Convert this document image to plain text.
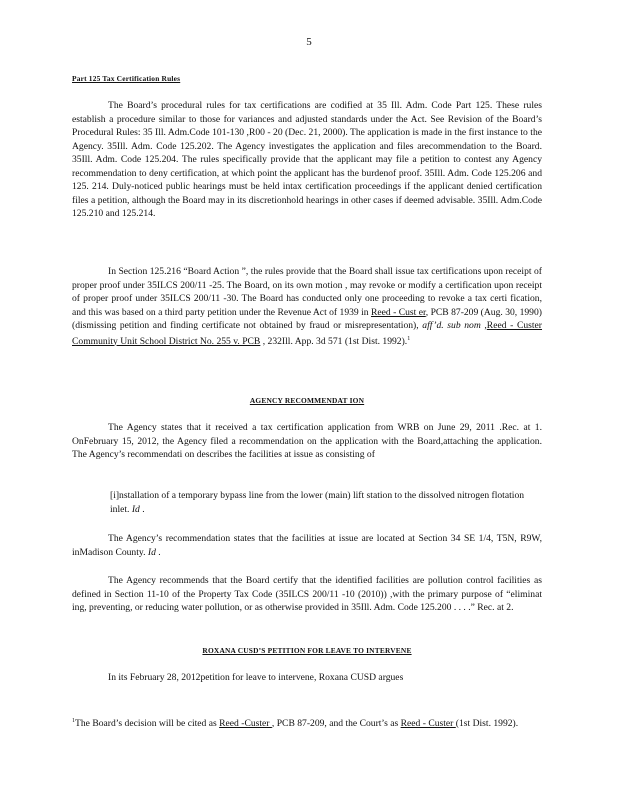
5

Part 125 Tax Certification Rules

The Board’s procedural rules for tax certifications are codified at 35 Ill. Adm. Code Part 125. These rules establish a procedure similar to those for variances and adjusted standards under the Act. See Revision of the Board’s Procedural Rules: 35 Ill. Adm.Code 101-130 ,R00 - 20 (Dec. 21, 2000). The application is made in the first instance to the Agency. 35Ill. Adm. Code 125.202. The Agency investigates the application and files arecommendation to the Board. 35Ill. Adm. Code 125.204. The rules specifically provide that the applicant may file a petition to contest any Agency recommendation to deny certification, at which point the applicant has the burdenof proof. 35Ill. Adm. Code 125.206 and 125. 214. Duly-noticed public hearings must be held intax certification proceedings if the applicant denied certification files a petition, although the Board may in its discretionhold hearings in other cases if deemed advisable. 35Ill. Adm.Code 125.210 and 125.214.

In Section 125.216 “Board Action ”, the rules provide that the Board shall issue tax certifications upon receipt of proper proof under 35ILCS 200/11 -25. The Board, on its own motion , may revoke or modify a certification upon receipt of proper proof under 35ILCS 200/11 -30. The Board has conducted only one proceeding to revoke a tax certi fication, and this was based on a third party petition under the Revenue Act of 1939 in Reed - Cust er, PCB 87-209 (Aug. 30, 1990) (dismissing petition and finding certificate not obtained by fraud or misrepresentation), aff’d. sub nom ,Reed - Custer Community Unit School District No. 255 v. PCB , 232Ill. App. 3d 571 (1st Dist. 1992).$^1$

AGENCY RECOMMENDAT ION

The Agency states that it received a tax certification application from WRB on June 29, 2011 .Rec. at 1. OnFebruary 15, 2012, the Agency filed a recommendation on the application with the Board,attaching the application. The Agency’s recommendati on describes the facilities at issue as consisting of

[i]nstallation of a temporary bypass line from the lower (main) lift station to the dissolved nitrogen flotation inlet. Id .

The Agency’s recommendation states that the facilities at issue are located at Section 34 SE 1/4, T5N, R9W, inMadison County. Id .

The Agency recommends that the Board certify that the identified facilities are pollution control facilities as defined in Section 11-10 of the Property Tax Code (35ILCS 200/11 -10 (2010)) ,with the primary purpose of “eliminat ing, preventing, or reducing water pollution, or as otherwise provided in 35Ill. Adm. Code 125.200 . . . .” Rec. at 2.

ROXANA CUSD’S PETITION FOR LEAVE TO INTERVENE

In its February 28, 2012petition for leave to intervene, Roxana CUSD argues

$^1$The Board’s decision will be cited as Reed -Custer , PCB 87-209, and the Court’s as Reed - Custer (1st Dist. 1992).
